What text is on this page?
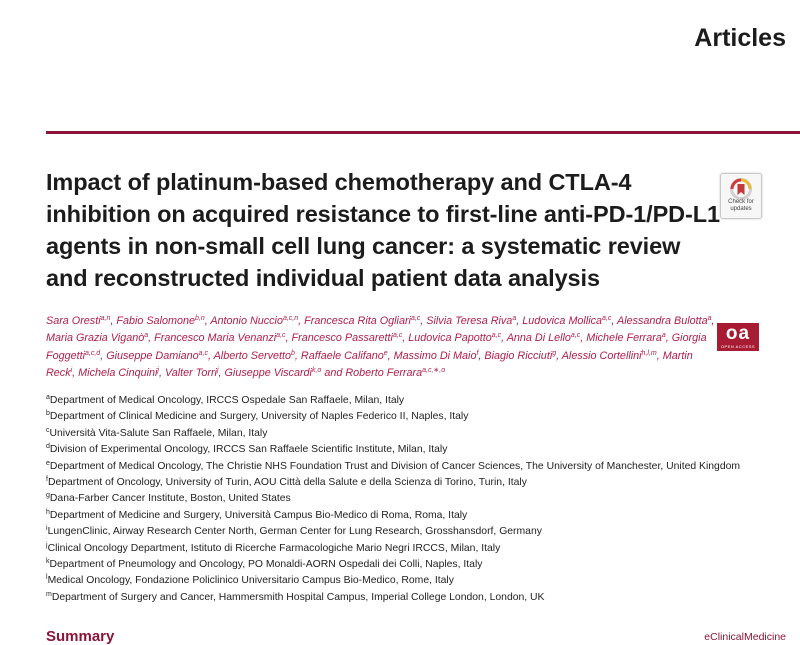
Articles
Impact of platinum-based chemotherapy and CTLA-4 inhibition on acquired resistance to first-line anti-PD-1/PD-L1 agents in non-small cell lung cancer: a systematic review and reconstructed individual patient data analysis
Check for updates
oa
OPEN ACCESS
Sara Oresti$^{a,n}$, Fabio Salomone$^{b,n}$, Antonio Nuccio$^{a,c,n}$, Francesca Rita Ogliari$^{a,c}$, Silvia Teresa Riva$^a$, Ludovica Mollica$^{a,c}$, Alessandra Bulotta$^a$, Maria Grazia Viganò$^a$, Francesco Maria Venanzi$^{a,c}$, Francesco Passaretti$^{a,c}$, Ludovica Papotto$^{a,c}$, Anna Di Lello$^{a,c}$, Michele Ferrara$^a$, Giorgia Foggetti$^{a,c,d}$, Giuseppe Damiano$^{a,c}$, Alberto Servetto$^b$, Raffaele Califano$^e$, Massimo Di Maio$^f$, Biagio Ricciuti$^g$, Alessio Cortellini$^{h,l,m}$, Martin Reck$^i$, Michela Cinquini$^j$, Valter Torri$^j$, Giuseppe Viscardi$^{k,o}$ and Roberto Ferrara$^{a,c,∗,o}$
$^a$Department of Medical Oncology, IRCCS Ospedale San Raffaele, Milan, Italy
$^b$Department of Clinical Medicine and Surgery, University of Naples Federico II, Naples, Italy
$^c$Università Vita-Salute San Raffaele, Milan, Italy
$^d$Division of Experimental Oncology, IRCCS San Raffaele Scientific Institute, Milan, Italy
$^e$Department of Medical Oncology, The Christie NHS Foundation Trust and Division of Cancer Sciences, The University of Manchester, United Kingdom
$^f$Department of Oncology, University of Turin, AOU Città della Salute e della Scienza di Torino, Turin, Italy
$^g$Dana-Farber Cancer Institute, Boston, United States
$^h$Department of Medicine and Surgery, Università Campus Bio-Medico di Roma, Roma, Italy
$^i$LungenClinic, Airway Research Center North, German Center for Lung Research, Grosshansdorf, Germany
$^j$Clinical Oncology Department, Istituto di Ricerche Farmacologiche Mario Negri IRCCS, Milan, Italy
$^k$Department of Pneumology and Oncology, PO Monaldi-AORN Ospedali dei Colli, Naples, Italy
$^l$Medical Oncology, Fondazione Policlinico Universitario Campus Bio-Medico, Rome, Italy
$^m$Department of Surgery and Cancer, Hammersmith Hospital Campus, Imperial College London, London, UK
Summary	eClinicalMedicine
